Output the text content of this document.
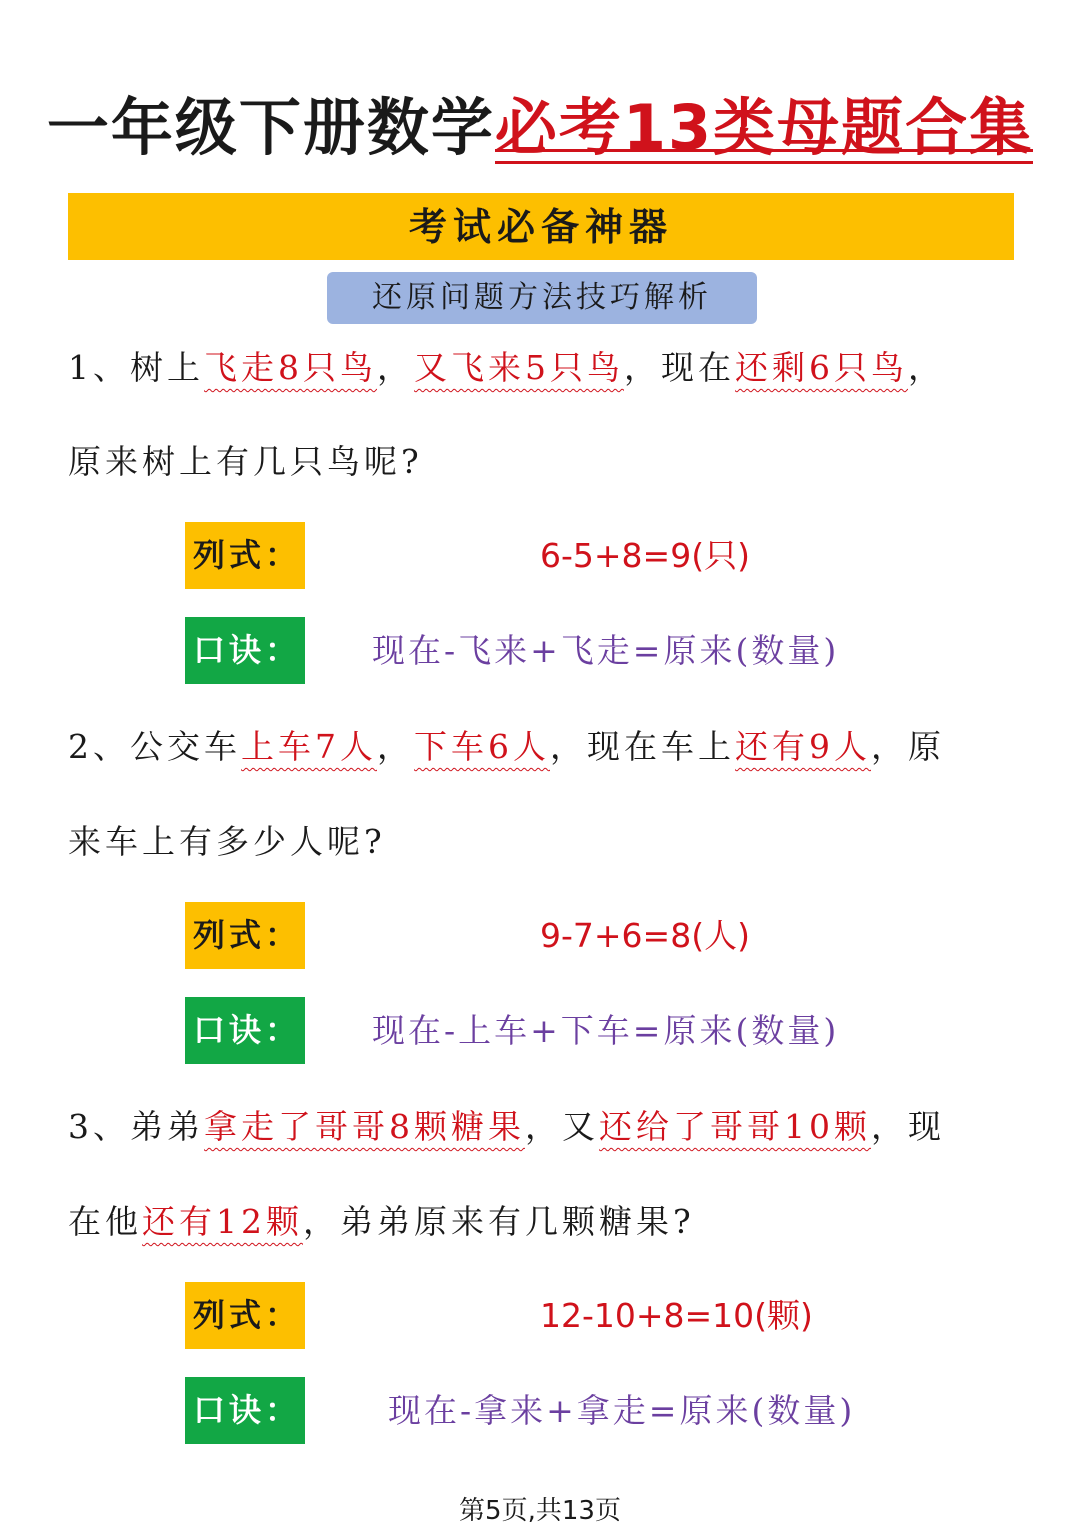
一年级下册数学必考13类母题合集
考试必备神器
还原问题方法技巧解析
1、树上飞走8只鸟，又飞来5只鸟，现在还剩6只鸟，
原来树上有几只鸟呢?
列式：	6-5+8=9(只)
口诀： 现在-飞来+飞走=原来(数量)
2、公交车上车7人，下车6人，现在车上还有9人，原
来车上有多少人呢?
列式：	9-7+6=8(人)
口诀： 现在-上车+下车=原来(数量)
3、弟弟拿走了哥哥8颗糖果，又还给了哥哥10颗，现
在他还有12颗，弟弟原来有几颗糖果?
列式：	12-10+8=10(颗)
口诀：	现在-拿来+拿走=原来(数量)
第5页,共13页
